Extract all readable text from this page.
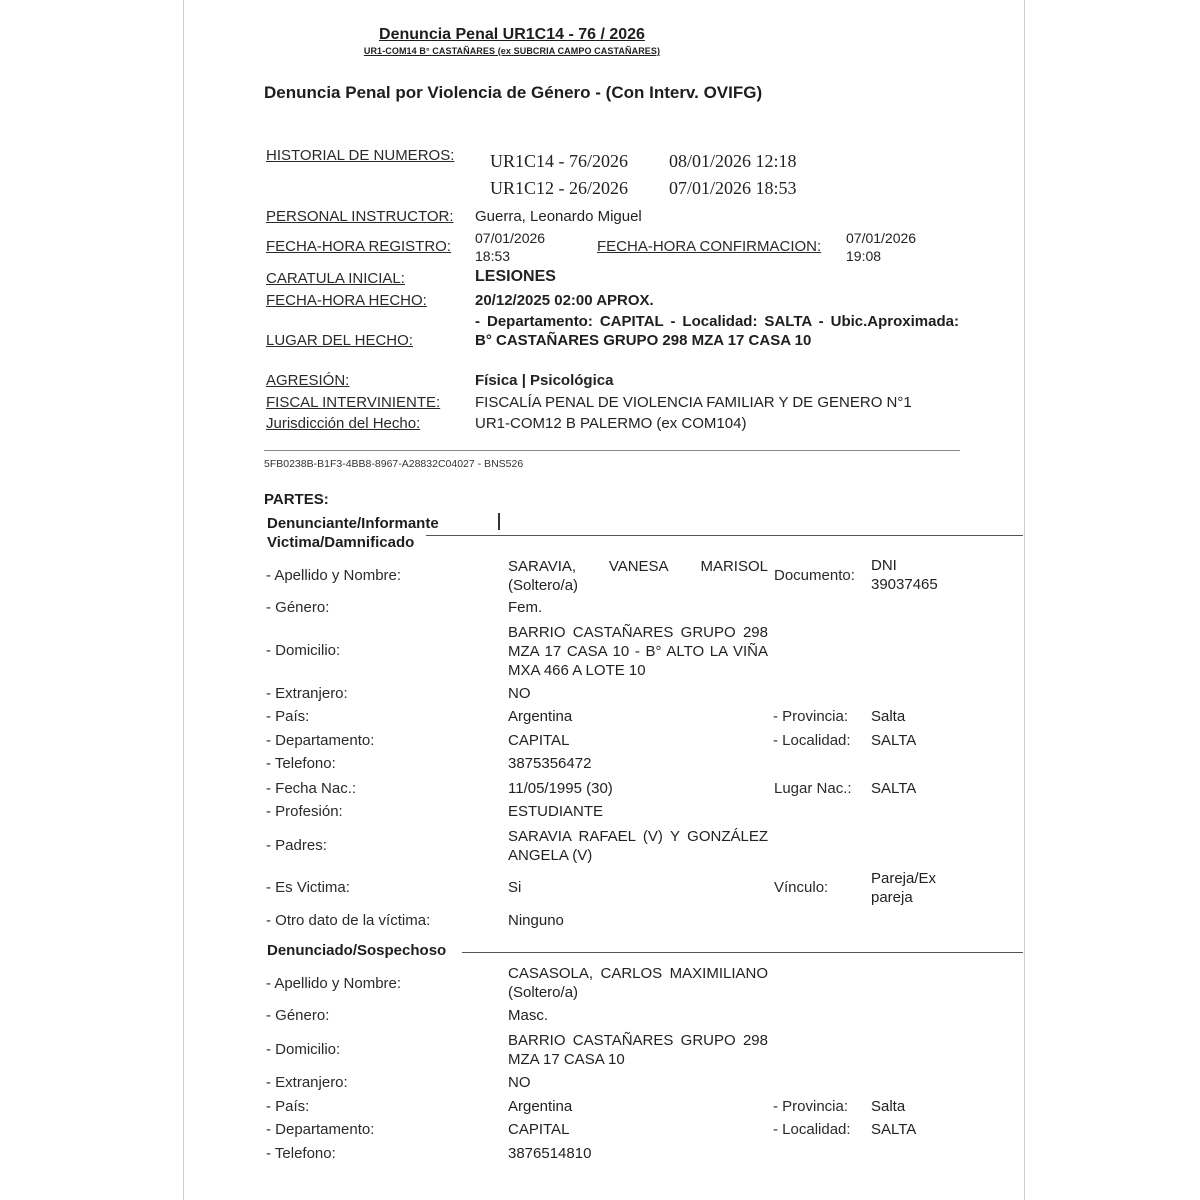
Denuncia Penal UR1C14 - 76 / 2026
UR1-COM14 B° CASTAÑARES (ex SUBCRIA CAMPO CASTAÑARES)
Denuncia Penal por Violencia de Género - (Con Interv. OVIFG)
HISTORIAL DE NUMEROS: UR1C14 - 76/2026 08/01/2026 12:18
UR1C12 - 26/2026 07/01/2026 18:53
PERSONAL INSTRUCTOR: Guerra, Leonardo Miguel
FECHA-HORA REGISTRO: 07/01/2026
18:53
FECHA-HORA CONFIRMACION: 07/01/2026
19:08
CARATULA INICIAL:	LESIONES
FECHA-HORA HECHO:	20/12/2025 02:00 APROX.
LUGAR DEL HECHO:
- Departamento: CAPITAL - Localidad: SALTA - Ubic.Aproximada: B° CASTAÑARES GRUPO 298 MZA 17 CASA 10
AGRESIÓN:	Física | Psicológica
FISCAL INTERVINIENTE: FISCALÍA PENAL DE VIOLENCIA FAMILIAR Y DE GENERO N°1
Jurisdicción del Hecho:	UR1-COM12 B PALERMO (ex COM104)
5FB0238B-B1F3-4BB8-8967-A28832C04027 - BNS526
PARTES:
Denunciante/Informante
Victima/Damnificado
- Apellido y Nombre:
SARAVIA, VANESA MARISOL (Soltero/a)
Documento:
DNI
39037465
- Género:	Fem.
- Domicilio:
BARRIO CASTAÑARES GRUPO 298 MZA 17 CASA 10 - B° ALTO LA VIÑA MXA 466 A LOTE 10
- Extranjero:	NO
- País:	Argentina	- Provincia: Salta
- Departamento:	CAPITAL	- Localidad: SALTA
- Telefono:	3875356472
- Fecha Nac.:	11/05/1995 (30)	Lugar Nac.: SALTA
- Profesión:	ESTUDIANTE
- Padres:
SARAVIA RAFAEL (V) Y GONZÁLEZ ANGELA (V)
- Es Victima:	Si	Vínculo:
Pareja/Ex
pareja
- Otro dato de la víctima:	Ninguno
Denunciado/Sospechoso
- Apellido y Nombre:
CASASOLA, CARLOS MAXIMILIANO (Soltero/a)
- Género:	Masc.
- Domicilio:
BARRIO CASTAÑARES GRUPO 298 MZA 17 CASA 10
- Extranjero:	NO
- País:	Argentina	- Provincia: Salta
- Departamento:	CAPITAL	- Localidad: SALTA
- Telefono:	3876514810
